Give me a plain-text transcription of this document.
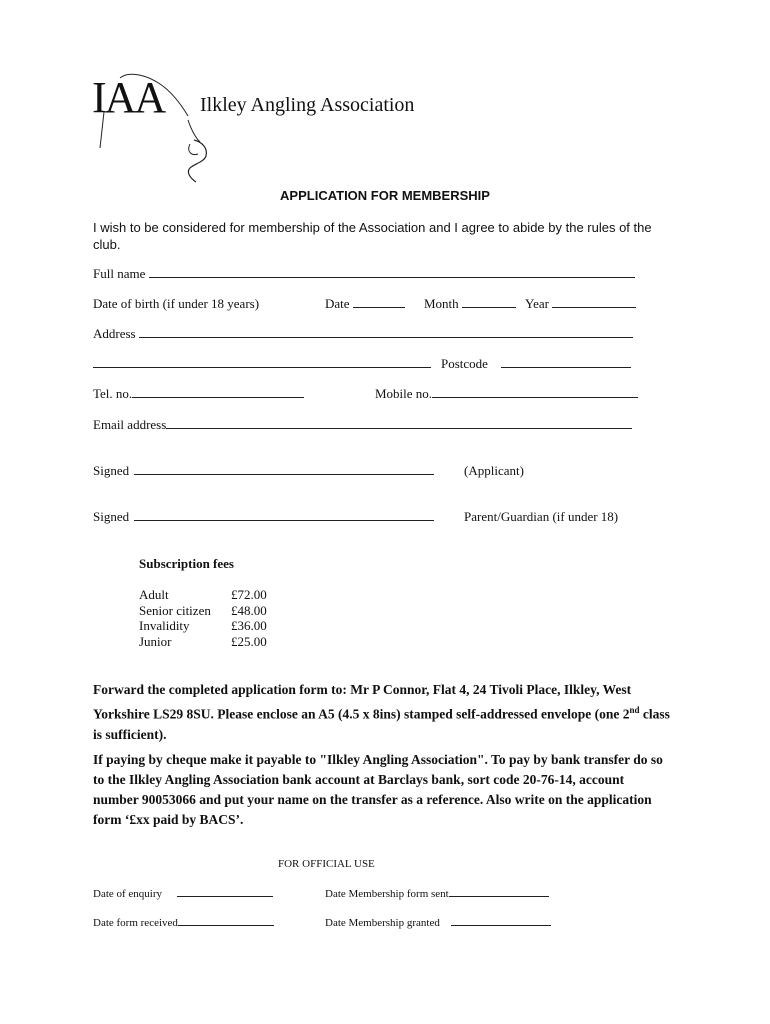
IAA Ilkley Angling Association
APPLICATION FOR MEMBERSHIP
I wish to be considered for membership of the Association and I agree to abide by the rules of the club.
Full name
Date of birth (if under 18 years)	Date	Month	Year
Address
Postcode
Tel. no.	Mobile no.
Email address
Signed	(Applicant)
Signed	Parent/Guardian (if under 18)
Subscription fees
Adult	£72.00
Senior citizen	£48.00
Invalidity	£36.00
Junior	£25.00
Forward the completed application form to: Mr P Connor, Flat 4, 24 Tivoli Place, Ilkley, West Yorkshire LS29 8SU. Please enclose an A5 (4.5 x 8ins) stamped self-addressed envelope (one 2nd class is sufficient).
If paying by cheque make it payable to "Ilkley Angling Association". To pay by bank transfer do so to the Ilkley Angling Association bank account at Barclays bank, sort code 20-76-14, account number 90053066 and put your name on the transfer as a reference. Also write on the application form ‘£xx paid by BACS’.
FOR OFFICIAL USE
Date of enquiry	Date Membership form sent
Date form received	Date Membership granted
